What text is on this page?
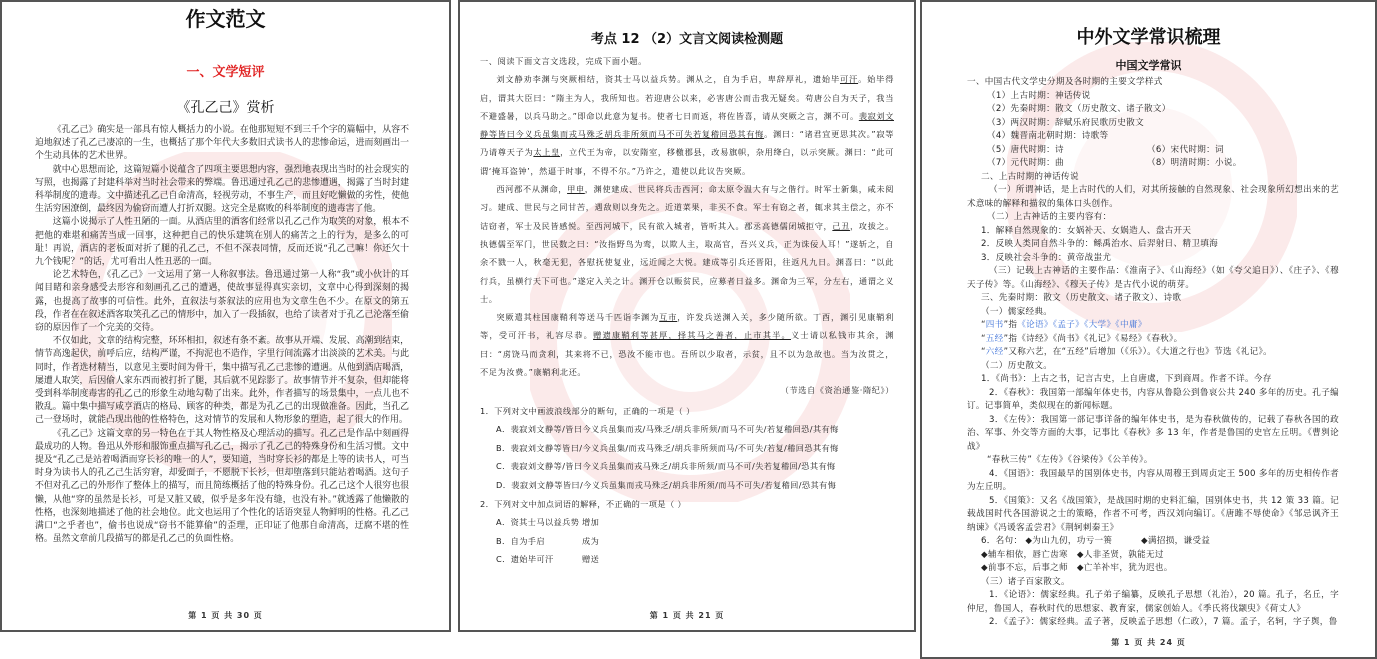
作文范文
一、文学短评
《孔乙己》赏析

《孔乙己》确实是一部具有惊人概括力的小说。在他那短短不到三千个字的篇幅中，从容不迫地叙述了孔乙己凄凉的一生，也概括了那个年代大多数旧式读书人的悲惨命运，进而刻画出一个生动具体的艺术世界。

就中心思想而论，这篇短篇小说蕴含了四项主要思想内容，强烈地表现出当时的社会现实的写照，也揭露了封建科举对当时社会带来的弊端。鲁迅通过孔乙己的悲惨遭遇，揭露了当时封建科举制度的遗毒。文中描述孔乙己自命清高，轻视劳动，不事生产，而且好吃懒做的劣性，使他生活穷困潦倒，最终因为偷窃而遭人打折双腿。这完全是腐败的科举制度的遗毒害了他。

这篇小说揭示了人性丑陋的一面。从酒店里的酒客们经常以孔乙己作为取笑的对象，根本不把他的难堪和痛苦当成一回事，这种把自己的快乐建筑在别人的痛苦之上的行为，是多么的可耻！再说，酒店的老板面对折了腿的孔乙己，不但不深表同情，反而还说“孔乙己嘛！你还欠十九个钱呢？”的话，尤可看出人性丑恶的一面。

论艺术特色，《孔乙己》一文运用了第一人称叙事法。鲁迅通过第一人称“我”或小伙计的耳闻目睹和亲身感受去形容和刻画孔乙己的遭遇，使故事显得真实亲切，文章中心得到深刻的揭露，也提高了故事的可信性。此外，直叙法与茶叙法的应用也为文章生色不少。在原文的第五段，作者在在叙述酒客取笑孔乙己的情形中，加入了一段插叙，也给了读者对于孔乙己沦落至偷窃的原因作了一个完美的交待。

不仅如此，文章的结构完整，环环相扣，叙述有条不紊。故事从开端、发展、高潮到结束，情节高逸起伏，前呼后应，结构严谨，不拘泥也不造作，字里行间流露才出淡淡的艺术美。与此同时，作者选材精当，以意见主要时间为骨干，集中描写孔乙己悲惨的遭遇。从他到酒店喝酒，屡遭人取笑，后因偷人家东西而被打折了腿，其后就不见踪影了。故事情节并不复杂，但却能将受到科举制度毒害的孔乙己的形象生动地勾勒了出来。此外，作者描写的场景集中，一点儿也不散乱。篇中集中描写咸亨酒店的格局、顾客的种类，都是为孔乙己的出现做准备。因此，当孔乙己一登场时，就能凸现出他的性格特色，这对情节的发展和人物形象的塑造，起了很大的作用。

《孔乙己》这篇文章的另一特色在于其人物性格及心理活动的描写。孔乙己是作品中刻画得最成功的人物。鲁迅从外形和服饰重点描写孔乙己，揭示了孔乙己的特殊身份和生活习惯。文中提及“孔乙己是站着喝酒而穿长衫的唯一的人”，要知道，当时穿长衫的都是上等的读书人，可当时身为读书人的孔乙己生活穷窘，却爱面子，不愿脱下长衫，但却堕落到只能站着喝酒。这句子不但对孔乙己的外形作了整体上的描写，而且简练概括了他的特殊身份。孔乙己这个人很穷也很懒，从他“穿的虽然是长衫，可是又脏又破，似乎是多年没有缝，也没有补。”就透露了他懒散的性格，也深刻地描述了他的社会地位。此文也运用了个性化的话语突显人物鲜明的性格。孔乙己满口“之乎者也”，偷书也说成“窃书不能算偷”的歪理，正印证了他那自命清高，迂腐不堪的性格。虽然文章前几段描写的都是孔乙己的负面性格。

第 1 页 共 30 页
考点 12 （2）文言文阅读检测题
一、阅读下面文言文选段，完成下面小题。
刘文静劝李渊与突厥相结，资其士马以益兵势。渊从之，自为手启，卑辞厚礼，遗始毕可汗。始毕得启，谓其大臣曰：“隋主为人，我所知也。若迎唐公以来，必害唐公而击我无疑矣。苟唐公自为天子，我当不避盛暑，以兵马助之。”即命以此意为复书。使者七日而返，将佐皆喜，请从突厥之言，渊不可。裴寂刘文静等皆曰今义兵虽集而戎马殊乏胡兵非所须而马不可失若复稽回恐其有悔。渊曰：“诸君宜更思其次。”寂等乃请尊天子为太上皇，立代王为帝，以安隋室，移檄郡县，改易旗帜，杂用绛白，以示突厥。渊曰：“此可谓‘掩耳盗钟’，然逼于时事，不得不尔。”乃许之，遣使以此议告突厥。
西河郡不从渊命，甲申，渊使建成、世民将兵击西河；命太原令温大有与之偕行。时军士新集，咸未阅习。建成、世民与之同甘苦，遇敌则以身先之。近道菜果，非买不食。军士有窃之者，辄求其主偿之，亦不诘窃者，军士及民皆感悦。至西河城下，民有欲入城者，皆听其入。郡丞高德儒闭城拒守，己丑，攻拔之。执德儒至军门，世民数之曰：“汝指野鸟为鸾，以欺人主，取高官，吾兴义兵，正为诛佞人耳！”遂斩之，自余不戮一人，秋毫无犯，各慰抚使复业，远近闻之大悦。建成等引兵还晋阳，往返凡九日。渊喜曰：“以此行兵，虽横行天下可也。”遂定入关之计。渊开仓以赈贫民，应募者日益多。渊命为三军，分左右，通谓之义士。
突厥遣其柱国康鞘利等送马千匹诣李渊为互市，许发兵送渊入关，多少随所欲。丁酉，渊引见康鞘利等，受可汗书，礼容尽恭。赠遗康鞘利等甚厚，择其马之善者，止市其半。义士请以私钱市其余，渊曰：“虏饶马而贪利，其来将不已，恐汝不能市也。吾所以少取者，示贫，且不以为急故也。当为汝贯之，不足为汝费。”康鞘利北还。
（节选自《资治通鉴·隋纪》）
1．下列对文中画波浪线部分的断句，正确的一项是（ ）
A．裴寂刘文静等/皆曰今义兵虽集而戎/马殊乏/胡兵非所须/而马不可失/若复稽回恐/其有悔
B．裴寂刘文静等皆曰/今义兵虽集/而戎马殊乏/胡兵非所须而马/不可失/若复/稽回恐其有悔
C．裴寂刘文静等/皆曰今义兵虽集而戎马殊乏/胡兵非所须/而马不可/失若复稽回/恐其有悔
D．裴寂刘文静等皆曰/今义兵虽集而戎马殊乏/胡兵非所须/而马不可失/若复稽回/恐其有悔
2．下列对文中加点词语的解释，不正确的一项是（ ）
A．资其士马以益兵势 增加
B．自为手启	成为
C．遗始毕可汗	赠送
第 1 页 共 21 页
中外文学常识梳理
中国文学常识
一、中国古代文学史分期及各时期的主要文学样式
（1）上古时期：神话传说
（2）先秦时期：散文（历史散文、诸子散文）
（3）两汉时期：辞赋乐府民歌历史散文
（4）魏晋南北朝时期：诗歌等
（5）唐代时期：诗	（6）宋代时期：词
（7）元代时期：曲	（8）明清时期：小说。
二、上古时期的神话传说
（一）所谓神话，是上古时代的人们，对其所接触的自然现象、社会现象所幻想出来的艺术意味的解释和描叙的集体口头创作。
（二）上古神话的主要内容有：
1．解释自然现象的：女娲补天、女娲造人、盘古开天
2．反映人类同自然斗争的：鲧禹治水、后羿射日、精卫填海
3．反映社会斗争的：黄帝战蚩尤
（三）记载上古神话的主要作品：《淮南子》、《山海经》（如《夸父追日》）、《庄子》、《穆天子传》等。《山海经》、《穆天子传》是古代小说的萌芽。
三、先秦时期：散文（历史散文、诸子散文）、诗歌
（一）儒家经典。
“四书”指《论语》《孟子》《大学》《中庸》
“五经”指《诗经》《尚书》《礼记》《易经》《春秋》。
“六经”又称六艺，在“五经”后增加（《乐》）。《大道之行也》节选《礼记》。
（二）历史散文。
1．《尚书》：上古之书，记言古史，上自唐虞，下到商周。作者不详。今存
2．《春秋》：我国第一部编年体史书，内容从鲁隐公到鲁哀公共 240 多年的历史。孔子编订。记事简单，类似现在的新闻标题。
3．《左传》：我国第一部记事详备的编年体史书，是为春秋做传的，记载了春秋各国的政治、军事、外交等方面的大事，记事比《春秋》多 13 年，作者是鲁国的史官左丘明。《曹刿论战》
“春秋三传”《左传》《谷梁传》《公羊传》。
4．《国语》：我国最早的国别体史书，内容从周穆王到周贞定王 500 多年的历史相传作者为左丘明。
5．《国策》：又名《战国策》，是战国时期的史料汇编，国别体史书，共 12 策 33 篇。记载战国时代各国游说之士的策略，作者不可考，西汉刘向编订。《唐雎不辱使命》《邹忌讽齐王纳谏》《冯谖客孟尝君》《荆轲刺秦王》
6．名句： ◆为山九仞，功亏一篑	◆满招损，谦受益
◆辅车相依，唇亡齿寒　◆人非圣贤，孰能无过
◆前事不忘，后事之师　◆亡羊补牢，犹为迟也。
（三）诸子百家散文。
1．《论语》：儒家经典。孔子弟子编纂，反映孔子思想（礼治），20 篇。孔子，名丘，字仲尼，鲁国人，春秋时代的思想家、教育家，儒家创始人。《季氏将伐颛臾》《荷丈人》
2．《孟子》：儒家经典。孟子著，反映孟子思想（仁政），7 篇。孟子，名轲，字子舆，鲁
第 1 页 共 24 页
